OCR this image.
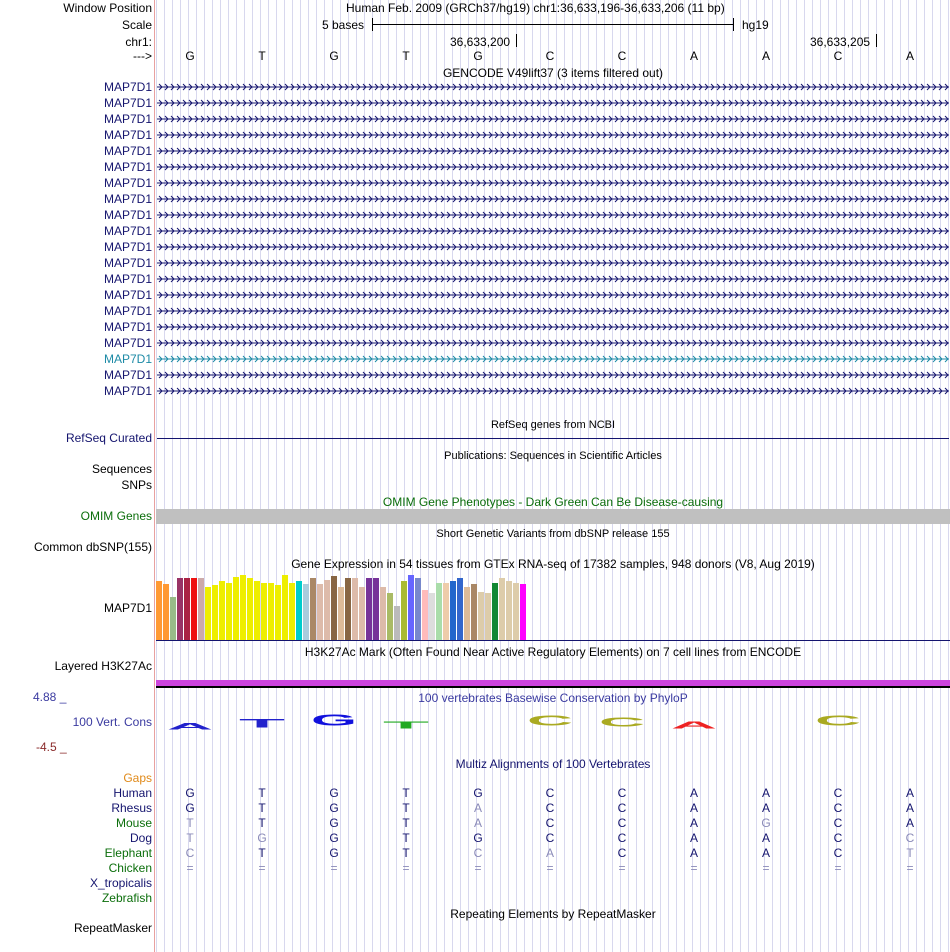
Window Position	Human Feb. 2009 (GRCh37/hg19) chr1:36,633,196-36,633,206 (11 bp)
Scale	5 bases	hg19
chr1:	36,633,200	36,633,205
--->	G	T	G	T	G	C	C	A	A	C	A
GENCODE V49lift37 (3 items filtered out)
MAP7D1
MAP7D1
MAP7D1
MAP7D1
MAP7D1
MAP7D1
MAP7D1
MAP7D1
MAP7D1
MAP7D1
MAP7D1
MAP7D1
MAP7D1
MAP7D1
MAP7D1
MAP7D1
MAP7D1
MAP7D1
MAP7D1
MAP7D1
RefSeq genes from NCBI
RefSeq Curated
Publications: Sequences in Scientific Articles
Sequences
SNPs
OMIM Gene Phenotypes - Dark Green Can Be Disease-causing
OMIM Genes
Short Genetic Variants from dbSNP release 155
Common dbSNP(155)
Gene Expression in 54 tissues from GTEx RNA-seq of 17382 samples, 948 donors (V8, Aug 2019)
MAP7D1
H3K27Ac Mark (Often Found Near Active Regulatory Elements) on 7 cell lines from ENCODE
Layered H3K27Ac
100 vertebrates Basewise Conservation by PhyloP
4.88 _
100 Vert. Cons
-4.5 _
A T G T	C C A	C
Multiz Alignments of 100 Vertebrates
Gaps
Human	G	T	G	T	G	C	C	A	A	C	A
Rhesus	G	T	G	T	A	C	C	A	A	C	A
Mouse	T	T	G	T	A	C	C	A	G	C	A
Dog	T	G	G	T	G	C	C	A	A	C	C
Elephant	C	T	G	T	C	A	C	A	A	C	T
Chicken	=	=	=	=	=	=	=	=	=	=	=
X_tropicalis
Zebrafish
Repeating Elements by RepeatMasker
RepeatMasker
